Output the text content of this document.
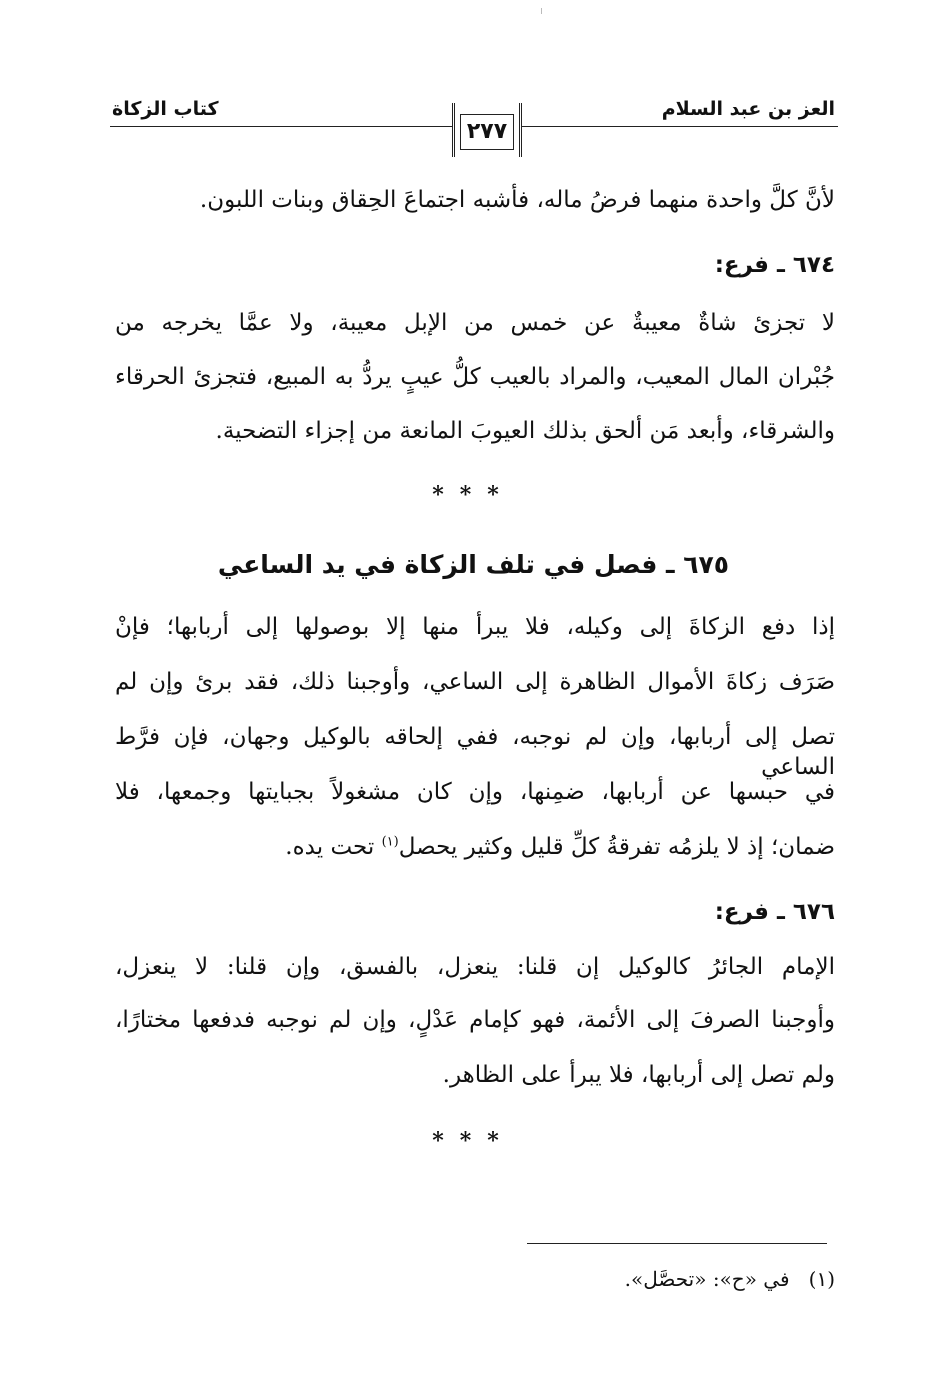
العز بن عبد السلام
كتاب الزكاة
٢٧٧
لأنَّ كلَّ واحدة منهما فرضُ ماله، فأشبه اجتماعَ الحِقاق وبنات اللبون.
٦٧٤ ـ فرع:
لا تجزئ شاةٌ معيبةٌ عن خمس من الإبل معيبة، ولا عمَّا يخرجه من
جُبْران المال المعيب، والمراد بالعيب كلُّ عيبٍ يردُّ به المبيع، فتجزئ الحرقاء
والشرقاء، وأبعد مَن ألحق بذلك العيوبَ المانعة من إجزاء التضحية.
***
٦٧٥ ـ فصل في تلف الزكاة في يد الساعي
إذا دفع الزكاةَ إلى وكيله، فلا يبرأ منها إلا بوصولها إلى أربابها؛ فإنْ
صَرَف زكاةَ الأموال الظاهرة إلى الساعي، وأوجبنا ذلك، فقد برئ وإن لم
تصل إلى أربابها، وإن لم نوجبه، ففي إلحاقه بالوكيل وجهان، فإن فرَّط الساعي
في حبسها عن أربابها، ضمِنها، وإن كان مشغولاً بجبايتها وجمعها، فلا
ضمان؛ إذ لا يلزمُه تفرقةُ كلِّ قليل وكثير يحصل$^{(١)}$ تحت يده.
٦٧٦ ـ فرع:
الإمام الجائرُ كالوكيل إن قلنا: ينعزل، بالفسق، وإن قلنا: لا ينعزل،
وأوجبنا الصرفَ إلى الأئمة، فهو كإمام عَدْلٍ، وإن لم نوجبه فدفعها مختارًا،
ولم تصل إلى أربابها، فلا يبرأ على الظاهر.
***
(١)   في «ح»: «تحصَّل».
